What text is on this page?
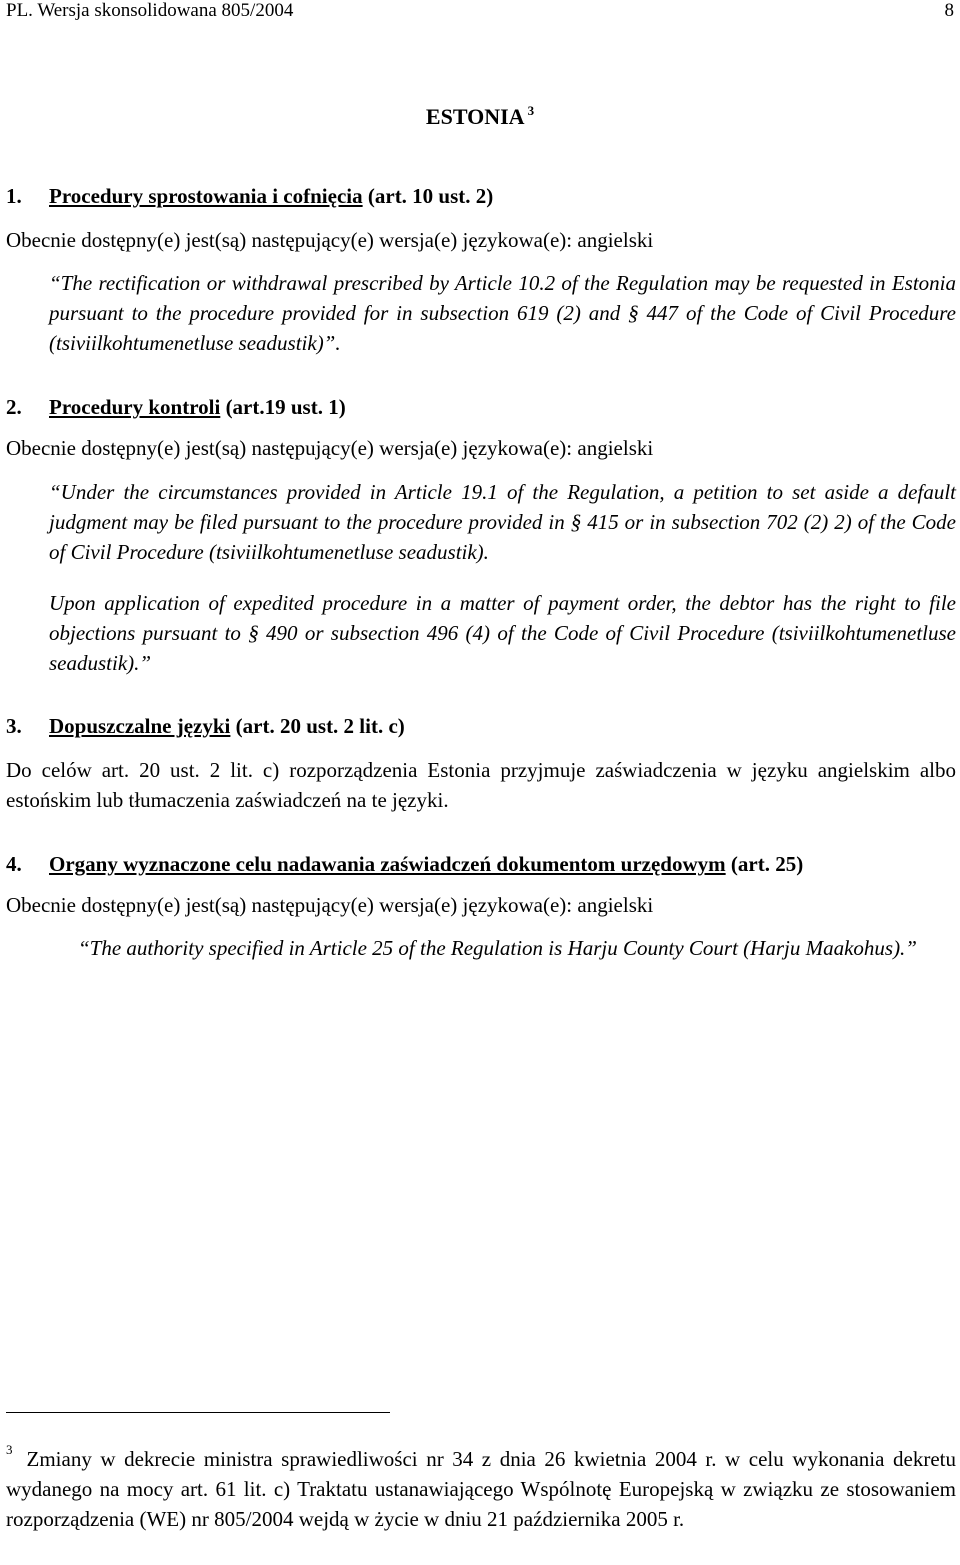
PL. Wersja skonsolidowana 805/2004	8
ESTONIA $^3$
1. Procedury sprostowania i cofnięcia (art. 10 ust. 2)
Obecnie dostępny(e) jest(są) następujący(e) wersja(e) językowa(e): angielski
“The rectification or withdrawal prescribed by Article 10.2 of the Regulation may be requested in Estonia pursuant to the procedure provided for in subsection 619 (2) and § 447 of the Code of Civil Procedure (tsiviilkohtumenetluse seadustik)”.
2. Procedury kontroli (art.19 ust. 1)
Obecnie dostępny(e) jest(są) następujący(e) wersja(e) językowa(e): angielski
“Under the circumstances provided in Article 19.1 of the Regulation, a petition to set aside a default judgment may be filed pursuant to the procedure provided in § 415 or in subsection 702 (2) 2) of the Code of Civil Procedure (tsiviilkohtumenetluse seadustik).
Upon application of expedited procedure in a matter of payment order, the debtor has the right to file objections pursuant to § 490 or subsection 496 (4) of the Code of Civil Procedure (tsiviilkohtumenetluse seadustik).”
3. Dopuszczalne języki (art. 20 ust. 2 lit. c)
Do celów art. 20 ust. 2 lit. c) rozporządzenia Estonia przyjmuje zaświadczenia w języku angielskim albo estońskim lub tłumaczenia zaświadczeń na te języki.
4. Organy wyznaczone celu nadawania zaświadczeń dokumentom urzędowym (art. 25)
Obecnie dostępny(e) jest(są) następujący(e) wersja(e) językowa(e): angielski
“The authority specified in Article 25 of the Regulation is Harju County Court (Harju Maakohus).”
$^3$ Zmiany w dekrecie ministra sprawiedliwości nr 34 z dnia 26 kwietnia 2004 r. w celu wykonania dekretu wydanego na mocy art. 61 lit. c) Traktatu ustanawiającego Wspólnotę Europejską w związku ze stosowaniem rozporządzenia (WE) nr 805/2004 wejdą w życie w dniu 21 października 2005 r.
